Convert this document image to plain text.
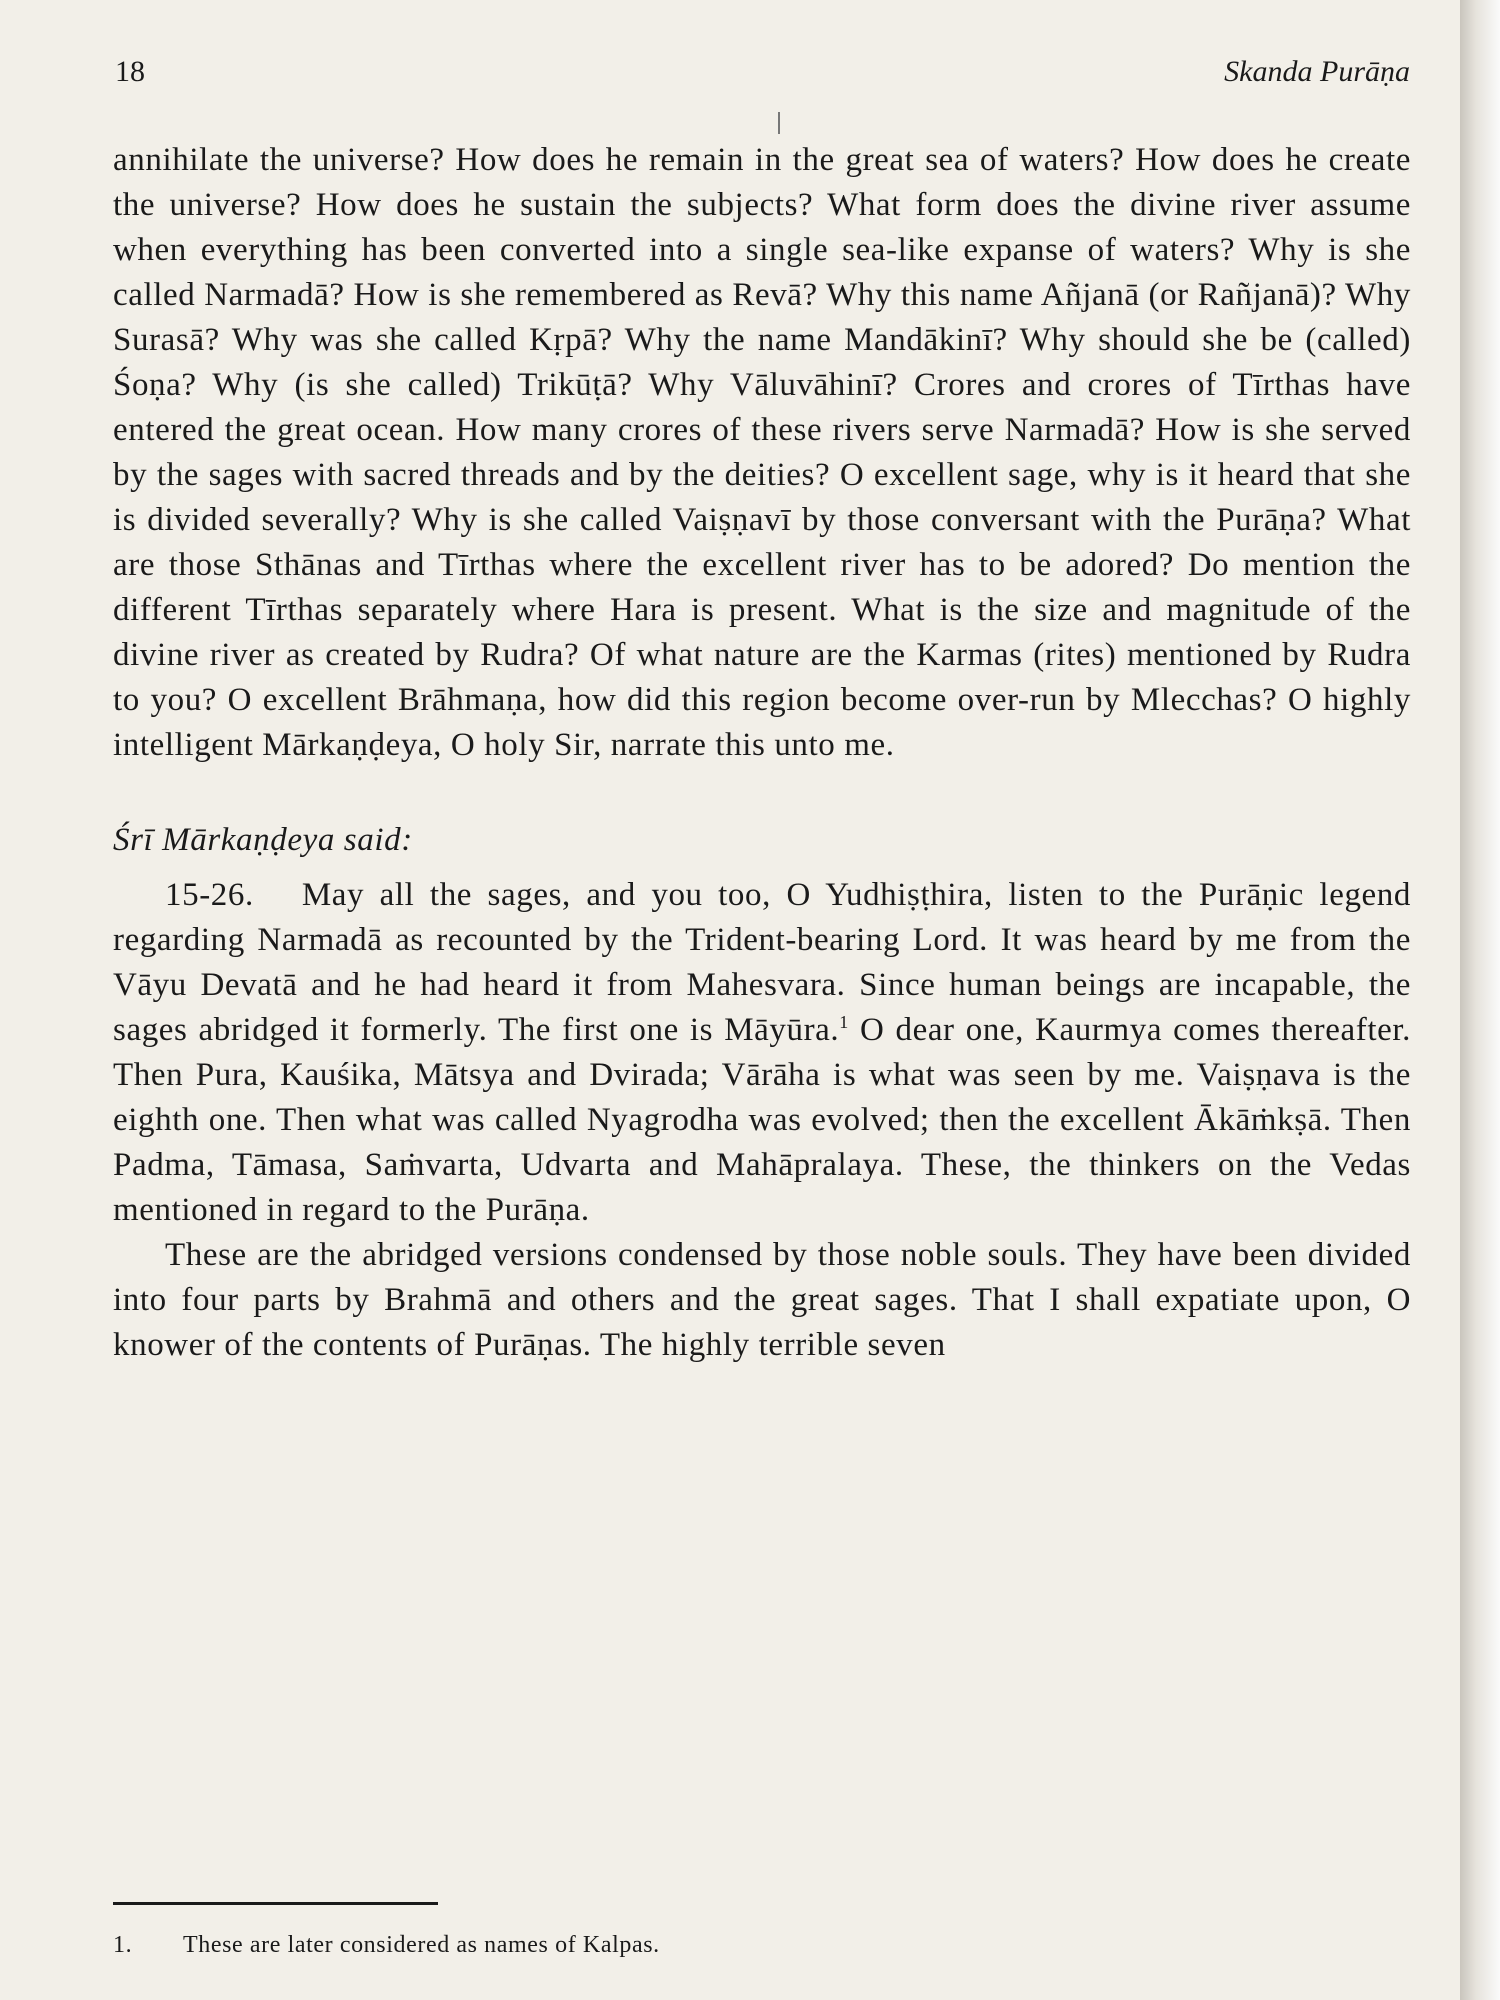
18	Skanda Purāṇa

annihilate the universe? How does he remain in the great sea of waters? How does he create the universe? How does he sustain the subjects? What form does the divine river assume when everything has been converted into a single sea-like expanse of waters? Why is she called Narmadā? How is she remembered as Revā? Why this name Añjanā (or Rañjanā)? Why Surasā? Why was she called Kṛpā? Why the name Mandākinī? Why should she be (called) Śoṇa? Why (is she called) Trikūṭā? Why Vāluvāhinī? Crores and crores of Tīrthas have entered the great ocean. How many crores of these rivers serve Narmadā? How is she served by the sages with sacred threads and by the deities? O excellent sage, why is it heard that she is divided severally? Why is she called Vaiṣṇavī by those conversant with the Purāṇa? What are those Sthānas and Tīrthas where the excellent river has to be adored? Do mention the different Tīrthas separately where Hara is present. What is the size and magnitude of the divine river as created by Rudra? Of what nature are the Karmas (rites) mentioned by Rudra to you? O excellent Brāhmaṇa, how did this region become over-run by Mlecchas? O highly intelligent Mārkaṇḍeya, O holy Sir, narrate this unto me.

Śrī Mārkaṇḍeya said:

15-26. May all the sages, and you too, O Yudhiṣṭhira, listen to the Purāṇic legend regarding Narmadā as recounted by the Trident-bearing Lord. It was heard by me from the Vāyu Devatā and he had heard it from Mahesvara. Since human beings are incapable, the sages abridged it formerly. The first one is Māyūra.$^1$ O dear one, Kaurmya comes thereafter. Then Pura, Kauśika, Mātsya and Dvirada; Vārāha is what was seen by me. Vaiṣṇava is the eighth one. Then what was called Nyagrodha was evolved; then the excellent Ākāṁkṣā. Then Padma, Tāmasa, Saṁvarta, Udvarta and Mahāpralaya. These, the thinkers on the Vedas mentioned in regard to the Purāṇa.

These are the abridged versions condensed by those noble souls. They have been divided into four parts by Brahmā and others and the great sages. That I shall expatiate upon, O knower of the contents of Purāṇas. The highly terrible seven

1. These are later considered as names of Kalpas.
